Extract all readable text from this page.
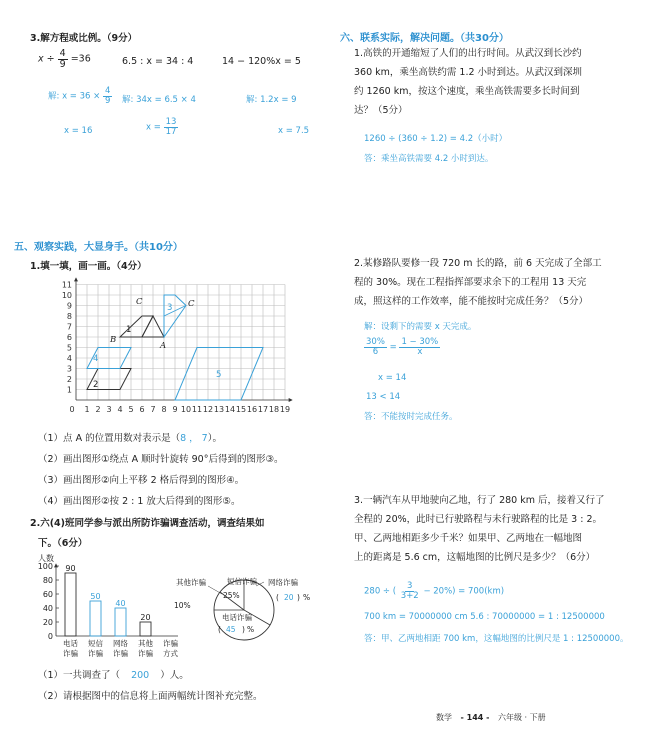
3.解方程或比例。（9分）
$x \div \frac{4}{9} =36$	6.5 : x = 34 : 4	14 − 120%x = 5
解: $x = 36 \times \frac{4}{9}$ 解: 34x = 6.5 × 4	解: 1.2x = 9
x = 16	$x = \frac{13}{17}$	x = 7.5
六、联系实际，解决问题。（共30分）
1.高铁的开通缩短了人们的出行时间。从武汉到长沙约
360 km，乘坐高铁约需 1.2 小时到达。从武汉到深圳
约 1260 km，按这个速度，乘坐高铁需要多长时间到
达？（5分）
1260 ÷ (360 ÷ 1.2) = 4.2（小时）
答：乘坐高铁需要 4.2 小时到达。
2.某修路队要修一段 720 m 长的路，前 6 天完成了全部工
程的 30%。现在工程指挥部要求余下的工程用 13 天完
成，照这样的工作效率，能不能按时完成任务？（5分）
解：设剩下的需要 x 天完成。
$\frac{30\%}{6} = \frac{1 - 30\%}{x}$
x = 14
13 < 14
答：不能按时完成任务。
3.一辆汽车从甲地驶向乙地，行了 280 km 后，接着又行了
全程的 20%，此时已行驶路程与未行驶路程的比是 3 : 2。
甲、乙两地相距多少千米？如果甲、乙两地在一幅地图
上的距离是 5.6 cm，这幅地图的比例尺是多少？（6分）
280 ÷ ( $\frac{3}{3+2} - 20\%) = 700(km)$
700 km = 70000000 cm 5.6 : 70000000 = 1 : 12500000
答：甲、乙两地相距 700 km，这幅地图的比例尺是 1 : 12500000。
五、观察实践，大显身手。（共10分）
1.填一填，画一画。（4分）
1
2
3
4
5
6
7
8
9
10
11
0 1 2 3 4 5 6 7 8 9 10 11 12 13 14 15 16 17 18 19
B
C
A
C
1
2
3
4
5
（1）点 A 的位置用数对表示是（8 ， 7）。
（2）画出图形①绕点 A 顺时针旋转 90°后得到的图形③。
（3）画出图形②向上平移 2 格后得到的图形④。
（4）画出图形②按 2 : 1 放大后得到的图形⑤。
2.六(4)班同学参与派出所防诈骗调查活动，调查结果如
下。（6分）
人数
100
80
60
40
20
0
90
50
40
20
电话
诈骗
短信
诈骗
网络
诈骗
其他
诈骗
诈骗
方式
其他诈骗
10%
短信诈骗
25%
网络诈骗
( 20 ) %
电话诈骗
( 45 ) %
（1）一共调查了（ 200 ）人。
（2）请根据图中的信息将上面两幅统计图补充完整。
数学 - 144 - 六年级 · 下册
